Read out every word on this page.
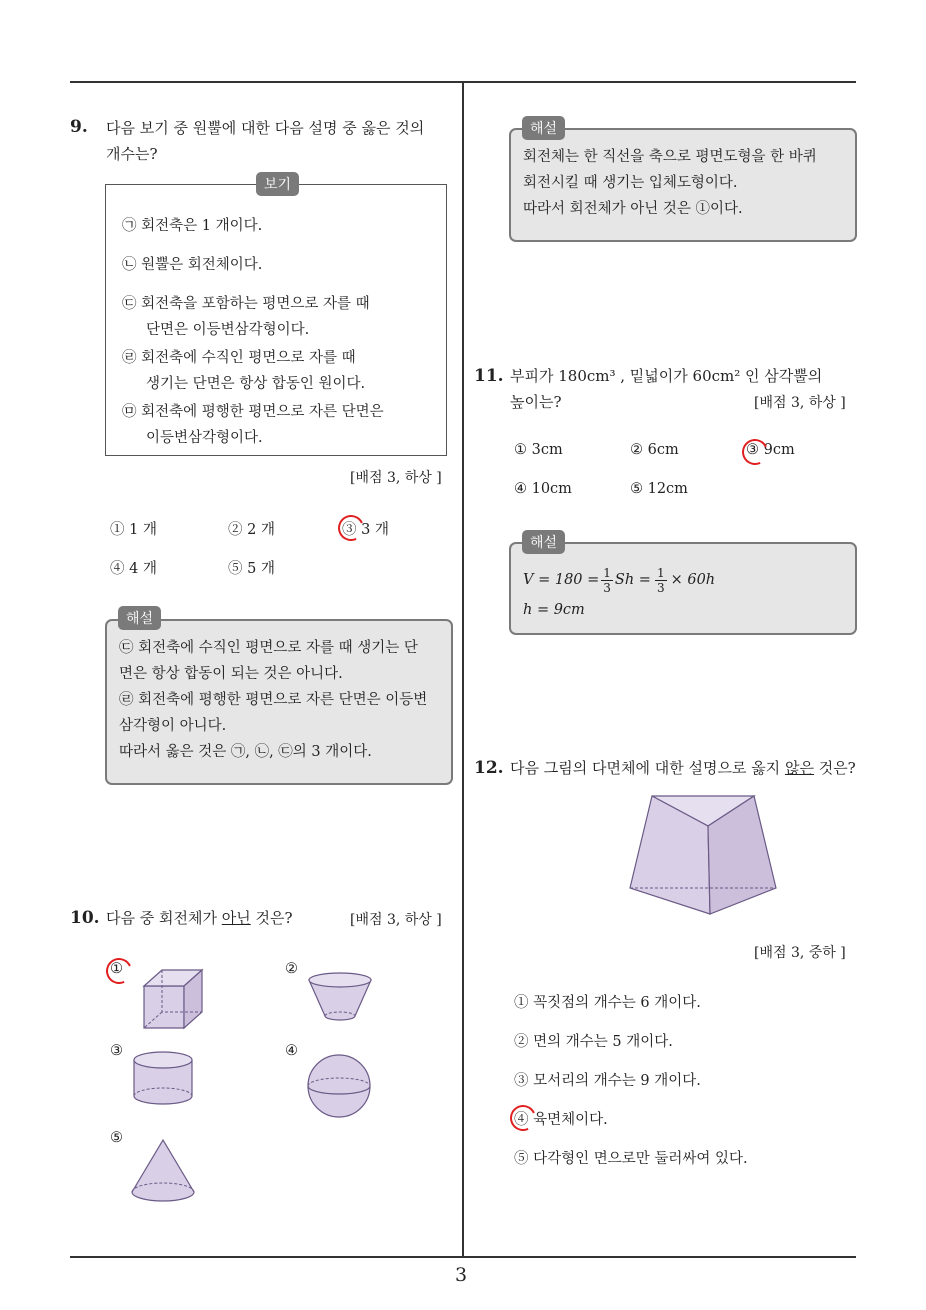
3
9. 다음 보기 중 원뿔에 대한 다음 설명 중 옳은 것의
개수는?
보기
㉠ 회전축은 1 개이다.
㉡ 원뿔은 회전체이다.
㉢ 회전축을 포함하는 평면으로 자를 때
단면은 이등변삼각형이다.
㉣ 회전축에 수직인 평면으로 자를 때
생기는 단면은 항상 합동인 원이다.
㉤ 회전축에 평행한 평면으로 자른 단면은
이등변삼각형이다.
[배점 3, 하상 ]
① 1 개	② 2 개	③ 3 개
④ 4 개	⑤ 5 개
㉢ 회전축에 수직인 평면으로 자를 때 생기는 단
면은 항상 합동이 되는 것은 아니다.
㉣ 회전축에 평행한 평면으로 자른 단면은 이등변
삼각형이 아니다.
따라서 옳은 것은 ㉠, ㉡, ㉢의 3 개이다.
해설
10. 다음 중 회전체가 아닌 것은?	[배점 3, 하상 ]
①	②
③	④
⑤
회전체는 한 직선을 축으로 평면도형을 한 바퀴
회전시킬 때 생기는 입체도형이다.
따라서 회전체가 아닌 것은 ①이다.
해설
11. 부피가 180cm³ , 밑넓이가 60cm² 인 삼각뿔의
높이는?	[배점 3, 하상 ]
① 3cm	② 6cm	③ 9cm
④ 10cm	⑤ 12cm
$V = 180 = \frac{1}{3}$ $Sh = \frac{1}{3} \times 60h$
h = 9cm
해설
12. 다음 그림의 다면체에 대한 설명으로 옳지 않은 것은?
[배점 3, 중하 ]
① 꼭짓점의 개수는 6 개이다.
② 면의 개수는 5 개이다.
③ 모서리의 개수는 9 개이다.
④ 육면체이다.
⑤ 다각형인 면으로만 둘러싸여 있다.
